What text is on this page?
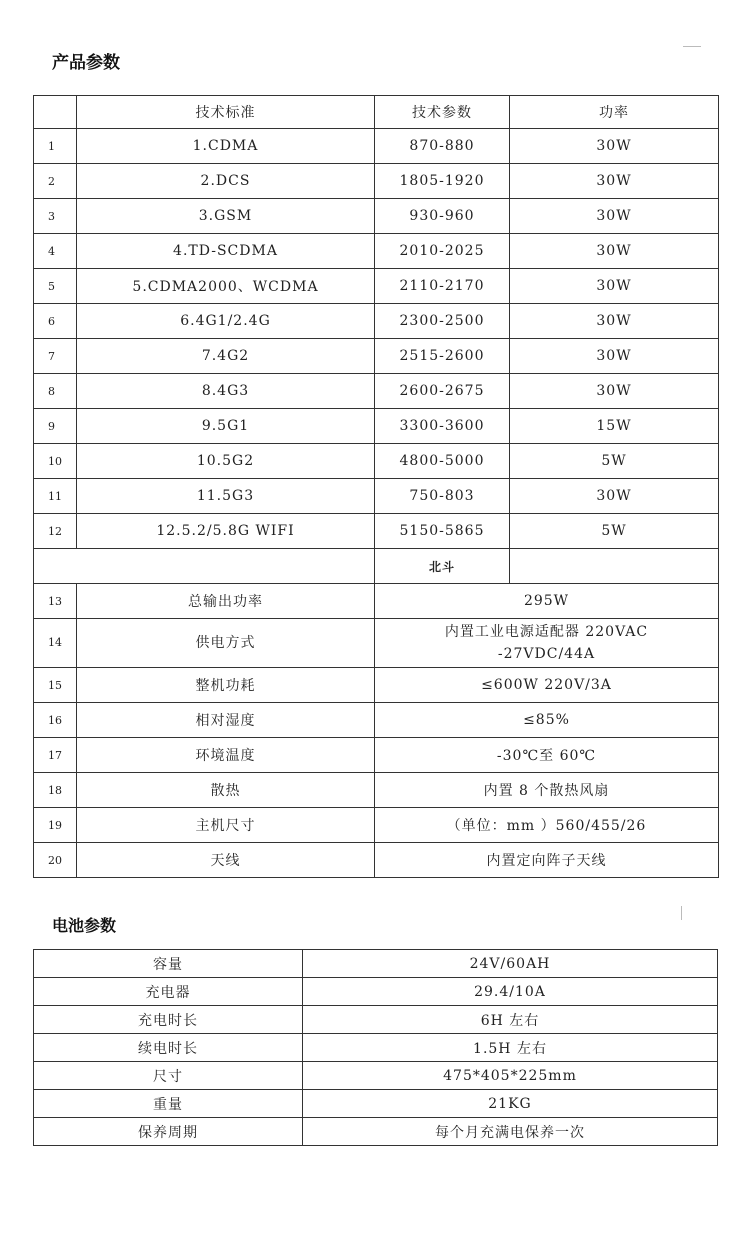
产品参数
	技术标准	技术参数	功率
1	1.CDMA	870-880	30W
2	2.DCS	1805-1920	30W
3	3.GSM	930-960	30W
4	4.TD-SCDMA	2010-2025	30W
5	5.CDMA2000、WCDMA	2110-2170	30W
6	6.4G1/2.4G	2300-2500	30W
7	7.4G2	2515-2600	30W
8	8.4G3	2600-2675	30W
9	9.5G1	3300-3600	15W
10	10.5G2	4800-5000	5W
11	11.5G3	750-803	30W
12	12.5.2/5.8G WIFI	5150-5865	5W
		北斗	
13	总输出功率	295W	
14	供电方式	内置工业电源适配器 220VAC
-27VDC/44A	

15	整机功耗	≤600W 220V/3A	
16	相对湿度	≤85%	
17	环境温度	-30℃至 60℃	
18	散热	内置 8 个散热风扇	
19	主机尺寸	（单位：mm ）560/455/26	
20	天线	内置定向阵子天线	
电池参数
容量	24V/60AH
充电器	29.4/10A
充电时长	6H 左右
续电时长	1.5H 左右
尺寸	475*405*225mm
重量	21KG
保养周期	每个月充满电保养一次
